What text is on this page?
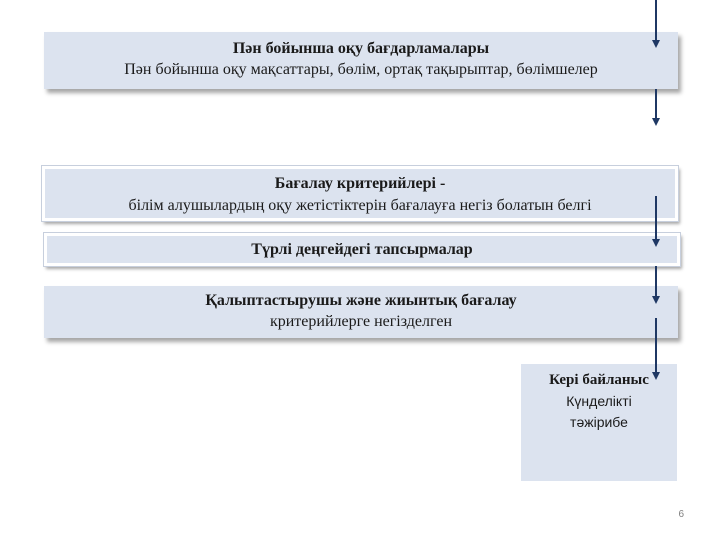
Пән бойынша оқу бағдарламалары
Пән бойынша оқу мақсаттары, бөлім, ортақ тақырыптар, бөлімшелер
Бағалау критерийлері -
білім алушылардың оқу жетістіктерін бағалауға негіз болатын белгі
Түрлі деңгейдегі тапсырмалар
Қалыптастырушы және жиынтық бағалау
критерийлерге негізделген
Кері байланыс
Күнделікті
тәжірибе
6
